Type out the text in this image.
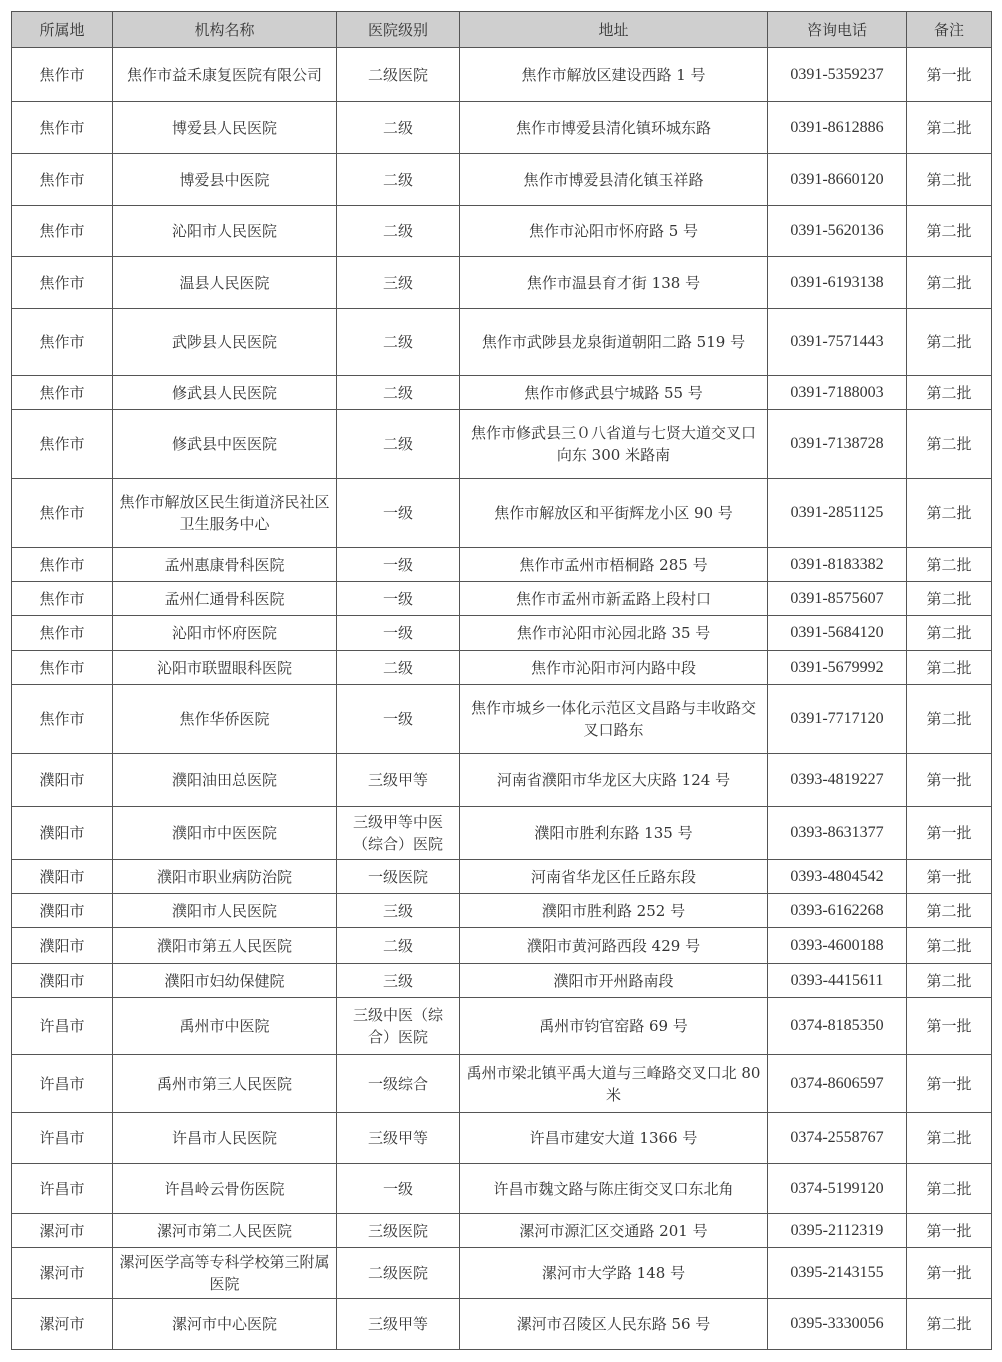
所属地	机构名称	医院级别	地址	咨询电话	备注
焦作市	焦作市益禾康复医院有限公司	二级医院	焦作市解放区建设西路 1 号	0391-5359237	第一批
焦作市	博爱县人民医院	二级	焦作市博爱县清化镇环城东路	0391-8612886	第二批
焦作市	博爱县中医院	二级	焦作市博爱县清化镇玉祥路	0391-8660120	第二批
焦作市	沁阳市人民医院	二级	焦作市沁阳市怀府路 5 号	0391-5620136	第二批
焦作市	温县人民医院	三级	焦作市温县育才街 138 号	0391-6193138	第二批
焦作市	武陟县人民医院	二级	焦作市武陟县龙泉街道朝阳二路 519 号	0391-7571443	第二批
焦作市	修武县人民医院	二级	焦作市修武县宁城路 55 号	0391-7188003	第二批
焦作市	修武县中医医院	二级	焦作市修武县三０八省道与七贤大道交叉口向东 300 米路南	0391-7138728	第二批
焦作市	焦作市解放区民生街道济民社区卫生服务中心	一级	焦作市解放区和平街辉龙小区 90 号	0391-2851125	第二批
焦作市	孟州惠康骨科医院	一级	焦作市孟州市梧桐路 285 号	0391-8183382	第二批
焦作市	孟州仁通骨科医院	一级	焦作市孟州市新孟路上段村口	0391-8575607	第二批
焦作市	沁阳市怀府医院	一级	焦作市沁阳市沁园北路 35 号	0391-5684120	第二批
焦作市	沁阳市联盟眼科医院	二级	焦作市沁阳市河内路中段	0391-5679992	第二批
焦作市	焦作华侨医院	一级	焦作市城乡一体化示范区文昌路与丰收路交叉口路东	0391-7717120	第二批
濮阳市	濮阳油田总医院	三级甲等	河南省濮阳市华龙区大庆路 124 号	0393-4819227	第一批
濮阳市	濮阳市中医医院	三级甲等中医（综合）医院	濮阳市胜利东路 135 号	0393-8631377	第一批
濮阳市	濮阳市职业病防治院	一级医院	河南省华龙区任丘路东段	0393-4804542	第一批
濮阳市	濮阳市人民医院	三级	濮阳市胜利路 252 号	0393-6162268	第二批
濮阳市	濮阳市第五人民医院	二级	濮阳市黄河路西段 429 号	0393-4600188	第二批
濮阳市	濮阳市妇幼保健院	三级	濮阳市开州路南段	0393-4415611	第二批
许昌市	禹州市中医院	三级中医（综合）医院	禹州市钧官窑路 69 号	0374-8185350	第一批
许昌市	禹州市第三人民医院	一级综合	禹州市梁北镇平禹大道与三峰路交叉口北 80 米	0374-8606597	第一批
许昌市	许昌市人民医院	三级甲等	许昌市建安大道 1366 号	0374-2558767	第二批
许昌市	许昌岭云骨伤医院	一级	许昌市魏文路与陈庄街交叉口东北角	0374-5199120	第二批
漯河市	漯河市第二人民医院	三级医院	漯河市源汇区交通路 201 号	0395-2112319	第一批
漯河市	漯河医学高等专科学校第三附属医院	二级医院	漯河市大学路 148 号	0395-2143155	第一批
漯河市	漯河市中心医院	三级甲等	漯河市召陵区人民东路 56 号	0395-3330056	第二批
